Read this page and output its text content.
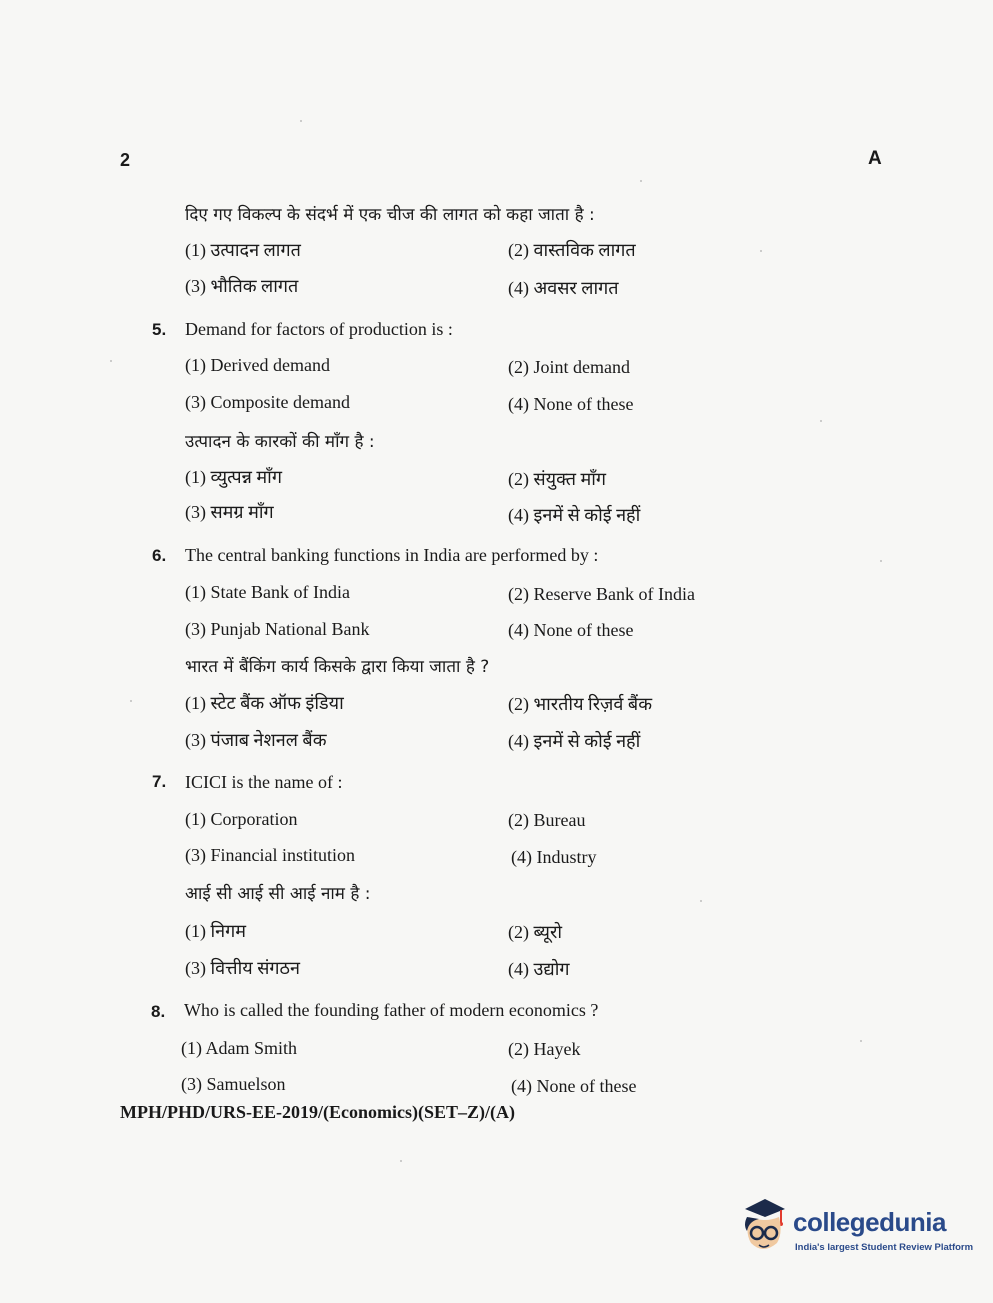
2	A
दिए गए विकल्प के संदर्भ में एक चीज की लागत को कहा जाता है :
(1) उत्पादन लागत	(2) वास्तविक लागत
(3) भौतिक लागत	(4) अवसर लागत
5. Demand for factors of production is :
(1) Derived demand	(2) Joint demand
(3) Composite demand	(4) None of these
उत्पादन के कारकों की माँग है :
(1) व्युत्पन्न माँग	(2) संयुक्त माँग
(3) समग्र माँग	(4) इनमें से कोई नहीं
6. The central banking functions in India are performed by :
(1) State Bank of India	(2) Reserve Bank of India
(3) Punjab National Bank	(4) None of these
भारत में बैंकिंग कार्य किसके द्वारा किया जाता है ?
(1) स्टेट बैंक ऑफ इंडिया	(2) भारतीय रिज़र्व बैंक
(3) पंजाब नेशनल बैंक	(4) इनमें से कोई नहीं
7. ICICI is the name of :
(1) Corporation	(2) Bureau
(3) Financial institution	(4) Industry
आई सी आई सी आई नाम है :
(1) निगम	(2) ब्यूरो
(3) वित्तीय संगठन	(4) उद्योग
8. Who is called the founding father of modern economics ?
(1) Adam Smith	(2) Hayek
(3) Samuelson	(4) None of these
MPH/PHD/URS-EE-2019/(Economics)(SET–Z)/(A)
collegedunia
India's largest Student Review Platform
